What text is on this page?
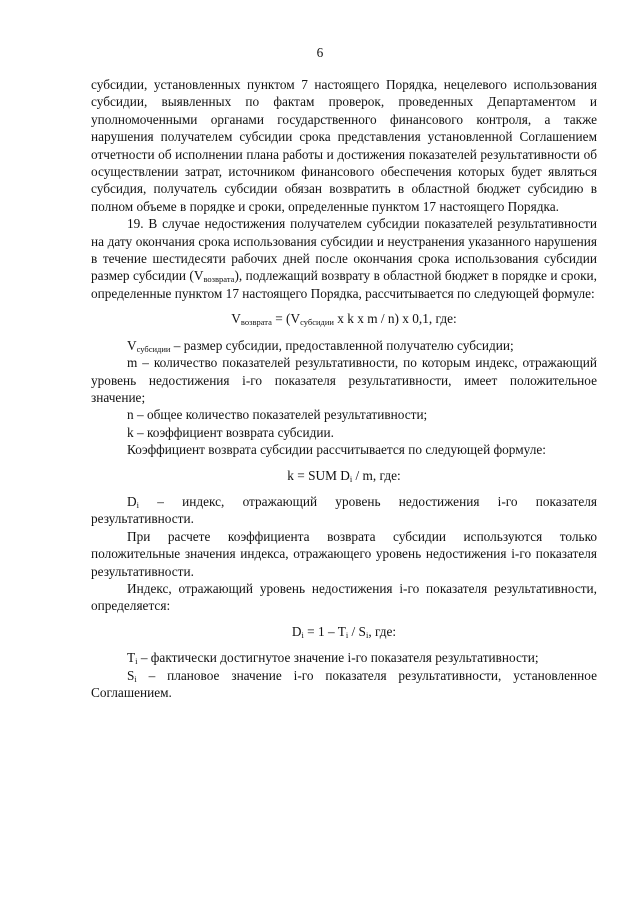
6

субсидии, установленных пунктом 7 настоящего Порядка, нецелевого использования субсидии, выявленных по фактам проверок, проведенных Департаментом и уполномоченными органами государственного финансового контроля, а также нарушения получателем субсидии срока представления установленной Соглашением отчетности об исполнении плана работы и достижения показателей результативности об осуществлении затрат, источником финансового обеспечения которых будет являться субсидия, получатель субсидии обязан возвратить в областной бюджет субсидию в полном объеме в порядке и сроки, определенные пунктом 17 настоящего Порядка.

19. В случае недостижения получателем субсидии показателей результативности на дату окончания срока использования субсидии и неустранения указанного нарушения в течение шестидесяти рабочих дней после окончания срока использования субсидии размер субсидии $(V_{возврата})$, подлежащий возврату в областной бюджет в порядке и сроки, определенные пунктом 17 настоящего Порядка, рассчитывается по следующей формуле:

$V_{возврата} = (V_{субсидии}$ x k x m / n) x 0,1, где:

$V_{субсидии}$ – размер субсидии, предоставленной получателю субсидии;

m – количество показателей результативности, по которым индекс, отражающий уровень недостижения i-го показателя результативности, имеет положительное значение;

n – общее количество показателей результативности;

k – коэффициент возврата субсидии.

Коэффициент возврата субсидии рассчитывается по следующей формуле:

k = SUM $D_i$ / m, где:

$D_i$ – индекс, отражающий уровень недостижения i-го показателя результативности.

При расчете коэффициента возврата субсидии используются только положительные значения индекса, отражающего уровень недостижения i-го показателя результативности.

Индекс, отражающий уровень недостижения i-го показателя результативности, определяется:

$D_i = 1 - T_i / S_i$, где:

$T_i$ – фактически достигнутое значение i-го показателя результативности;

$S_i$ – плановое значение i-го показателя результативности, установленное Соглашением.
